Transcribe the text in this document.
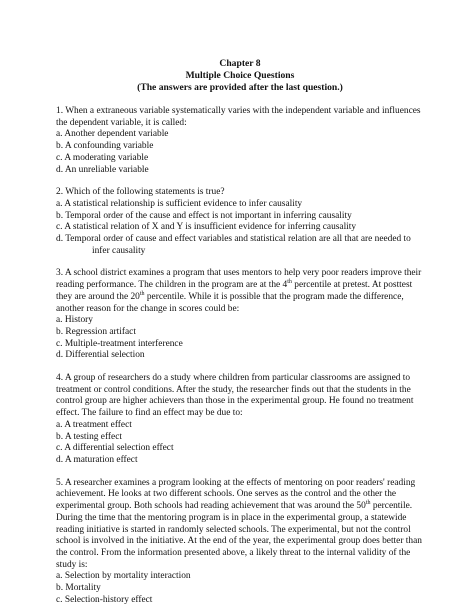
Chapter 8
Multiple Choice Questions
(The answers are provided after the last question.)

1. When a extraneous variable systematically varies with the independent variable and influences the dependent variable, it is called:

a. Another dependent variable

b. A confounding variable

c. A moderating variable

d. An unreliable variable

2. Which of the following statements is true?

a. A statistical relationship is sufficient evidence to infer causality

b. Temporal order of the cause and effect is not important in inferring causality

c. A statistical relation of X and Y is insufficient evidence for inferring causality

d. Temporal order of cause and effect variables and statistical relation are all that are needed to infer causality

3. A school district examines a program that uses mentors to help very poor readers improve their reading performance. The children in the program are at the 4th percentile at pretest. At posttest they are around the 20th percentile. While it is possible that the program made the difference, another reason for the change in scores could be:

a. History

b. Regression artifact

c. Multiple-treatment interference

d. Differential selection

4. A group of researchers do a study where children from particular classrooms are assigned to treatment or control conditions. After the study, the researcher finds out that the students in the control group are higher achievers than those in the experimental group. He found no treatment effect. The failure to find an effect may be due to:

a. A treatment effect

b. A testing effect

c. A differential selection effect

d. A maturation effect

5. A researcher examines a program looking at the effects of mentoring on poor readers' reading achievement. He looks at two different schools. One serves as the control and the other the experimental group. Both schools had reading achievement that was around the 50th percentile. During the time that the mentoring program is in place in the experimental group, a statewide reading initiative is started in randomly selected schools. The experimental, but not the control school is involved in the initiative. At the end of the year, the experimental group does better than the control. From the information presented above, a likely threat to the internal validity of the study is:

a. Selection by mortality interaction

b. Mortality

c. Selection-history effect
